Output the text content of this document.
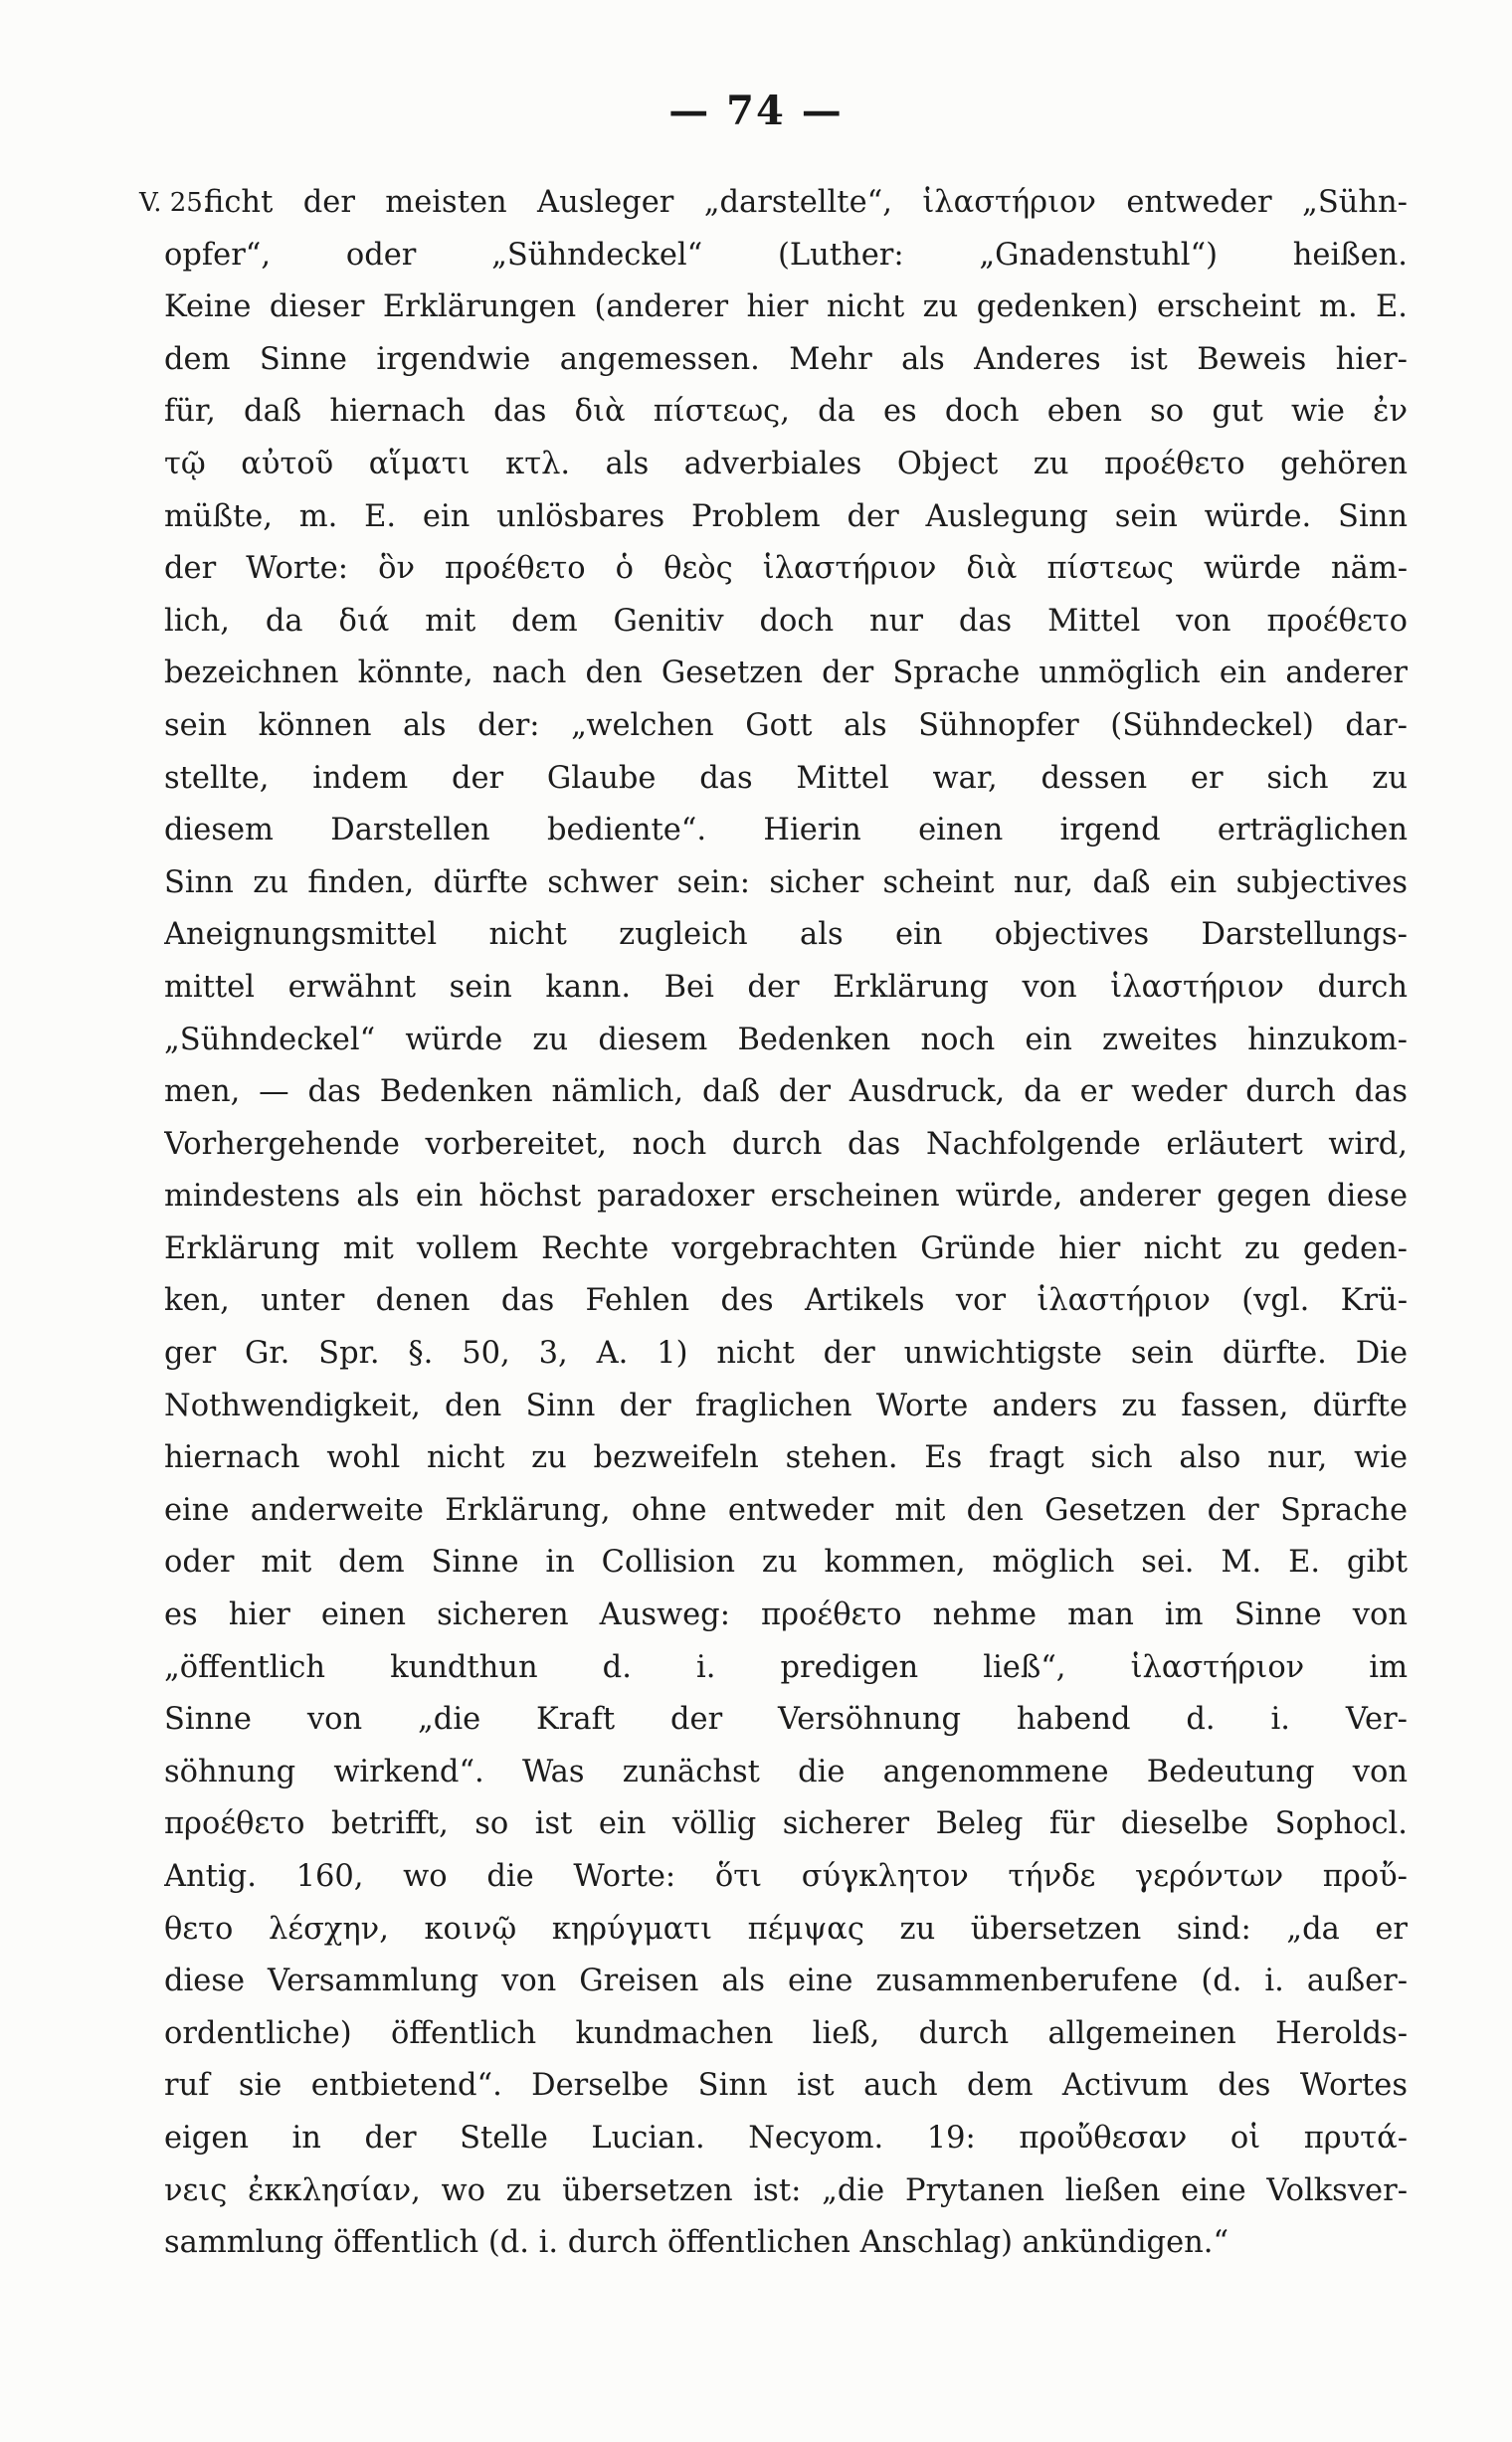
— 74 —
V. 25.
ficht der meisten Ausleger „darstellte“, ἱλαστήριον entweder „Sühn-
opfer“, oder „Sühndeckel“ (Luther: „Gnadenstuhl“) heißen.
Keine dieser Erklärungen (anderer hier nicht zu gedenken) erscheint m. E.
dem Sinne irgendwie angemessen. Mehr als Anderes ist Beweis hier-
für, daß hiernach das διὰ πίστεως, da es doch eben so gut wie ἐν
τῷ αὐτοῦ αἵματι κτλ. als adverbiales Object zu προέθετο gehören
müßte, m. E. ein unlösbares Problem der Auslegung sein würde. Sinn
der Worte: ὃν προέθετο ὁ θεὸς ἱλαστήριον διὰ πίστεως würde näm-
lich, da διά mit dem Genitiv doch nur das Mittel von προέθετο
bezeichnen könnte, nach den Gesetzen der Sprache unmöglich ein anderer
sein können als der: „welchen Gott als Sühnopfer (Sühndeckel) dar-
stellte, indem der Glaube das Mittel war, dessen er sich zu
diesem Darstellen bediente“. Hierin einen irgend erträglichen
Sinn zu finden, dürfte schwer sein: sicher scheint nur, daß ein subjectives
Aneignungsmittel nicht zugleich als ein objectives Darstellungs-
mittel erwähnt sein kann. Bei der Erklärung von ἱλαστήριον durch
„Sühndeckel“ würde zu diesem Bedenken noch ein zweites hinzukom-
men, — das Bedenken nämlich, daß der Ausdruck, da er weder durch das
Vorhergehende vorbereitet, noch durch das Nachfolgende erläutert wird,
mindestens als ein höchst paradoxer erscheinen würde, anderer gegen diese
Erklärung mit vollem Rechte vorgebrachten Gründe hier nicht zu geden-
ken, unter denen das Fehlen des Artikels vor ἱλαστήριον (vgl. Krü-
ger Gr. Spr. §. 50, 3, A. 1) nicht der unwichtigste sein dürfte. Die
Nothwendigkeit, den Sinn der fraglichen Worte anders zu fassen, dürfte
hiernach wohl nicht zu bezweifeln stehen. Es fragt sich also nur, wie
eine anderweite Erklärung, ohne entweder mit den Gesetzen der Sprache
oder mit dem Sinne in Collision zu kommen, möglich sei. M. E. gibt
es hier einen sicheren Ausweg: προέθετο nehme man im Sinne von
„öffentlich kundthun d. i. predigen ließ“, ἱλαστήριον im
Sinne von „die Kraft der Versöhnung habend d. i. Ver-
söhnung wirkend“. Was zunächst die angenommene Bedeutung von
προέθετο betrifft, so ist ein völlig sicherer Beleg für dieselbe Sophocl.
Antig. 160, wo die Worte: ὅτι σύγκλητον τήνδε γερόντων προὔ-
θετο λέσχην, κοινῷ κηρύγματι πέμψας zu übersetzen sind: „da er
diese Versammlung von Greisen als eine zusammenberufene (d. i. außer-
ordentliche) öffentlich kundmachen ließ, durch allgemeinen Herolds-
ruf sie entbietend“. Derselbe Sinn ist auch dem Activum des Wortes
eigen in der Stelle Lucian. Necyom. 19: προὔθεσαν οἱ πρυτά-
νεις ἐκκλησίαν, wo zu übersetzen ist: „die Prytanen ließen eine Volksver-
sammlung öffentlich (d. i. durch öffentlichen Anschlag) ankündigen.“
